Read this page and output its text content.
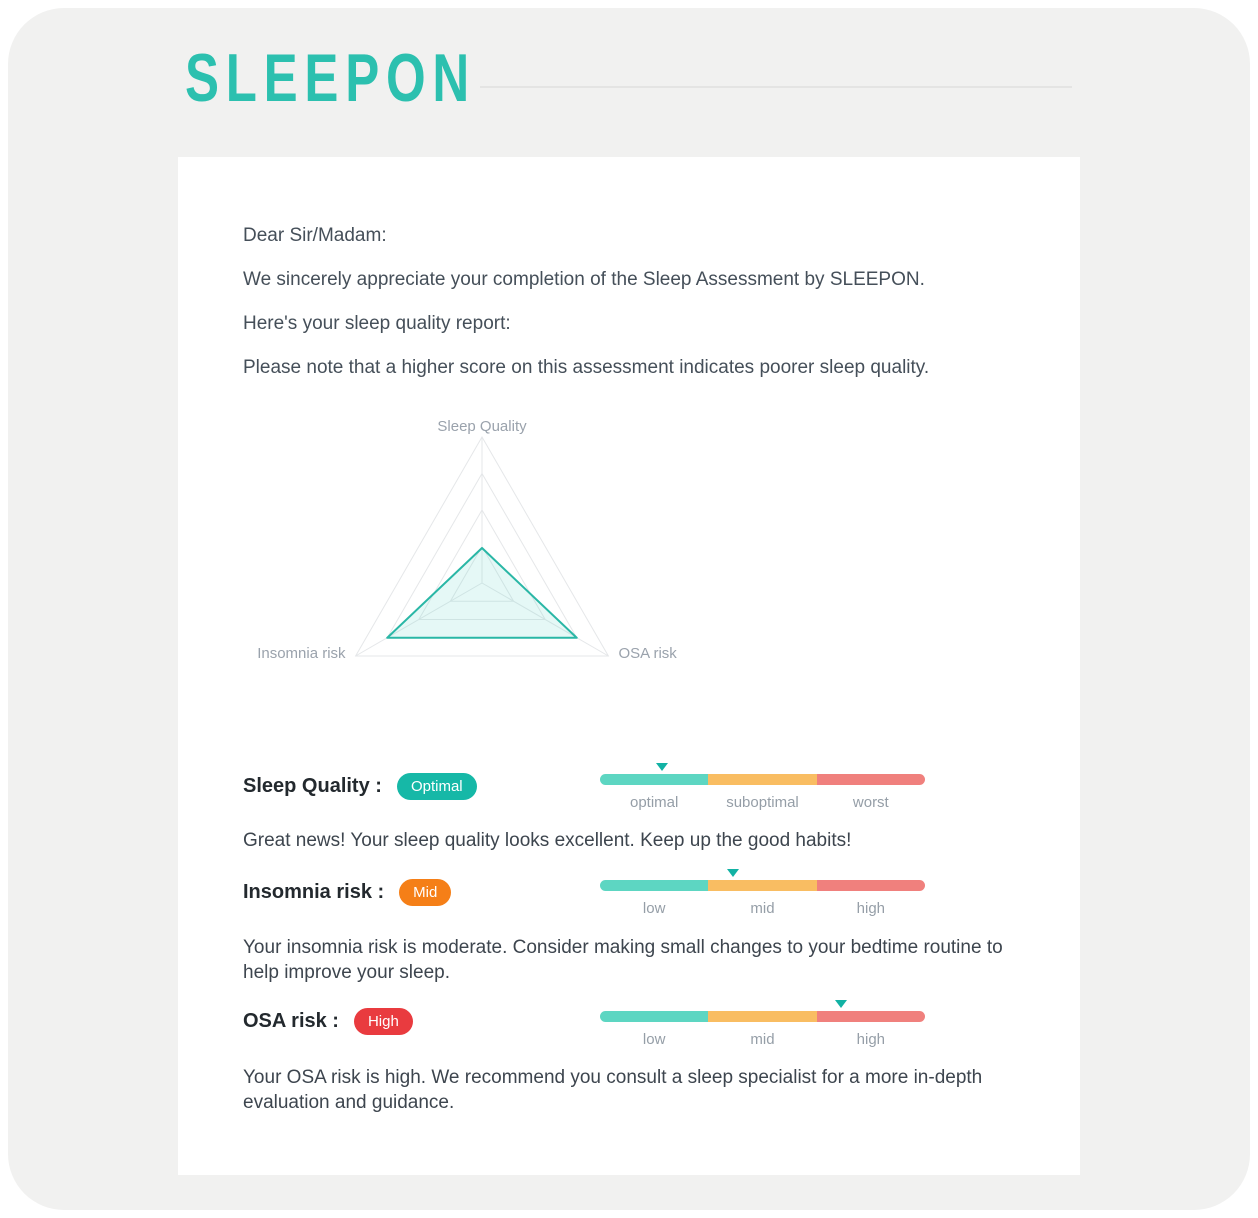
SLEEPON

Dear Sir/Madam:

We sincerely appreciate your completion of the Sleep Assessment by SLEEPON.

Here's your sleep quality report:

Please note that a higher score on this assessment indicates poorer sleep quality.

Sleep Quality
Insomnia risk	OSA risk
Sleep Quality :	Optimal
optimal	suboptimal	worst

Great news! Your sleep quality looks excellent. Keep up the good habits!

Insomnia risk :	Mid
low	mid	high

Your insomnia risk is moderate. Consider making small changes to your bedtime routine to help improve your sleep.

OSA risk :	High
low	mid	high

Your OSA risk is high. We recommend you consult a sleep specialist for a more in-depth evaluation and guidance.
